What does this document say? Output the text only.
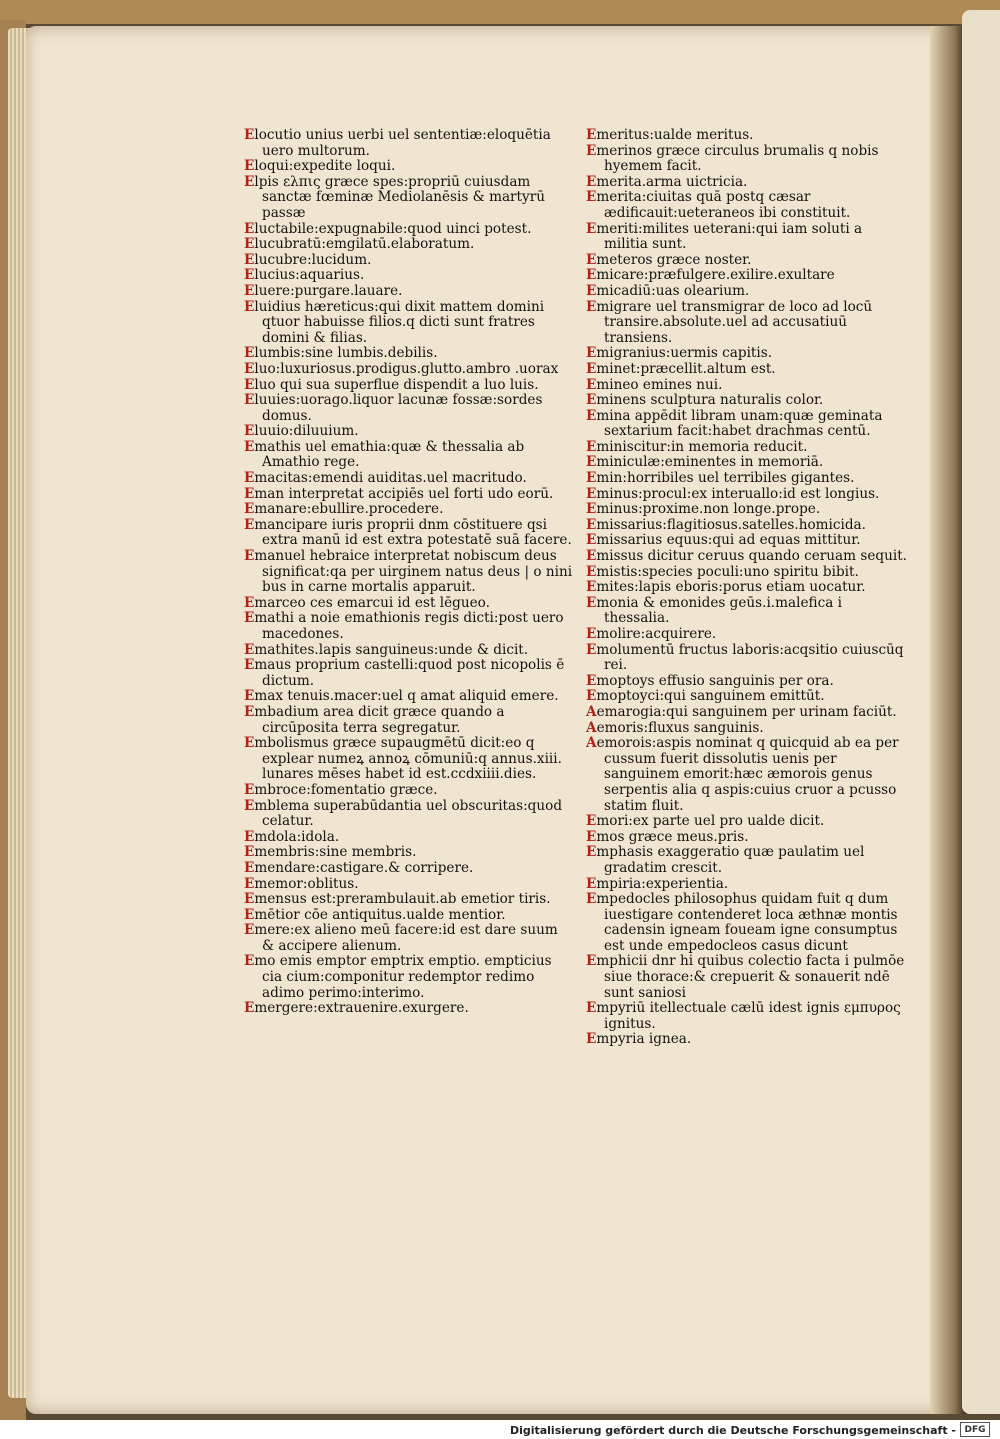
Elocutio unius uerbi uel sententiæ:eloquētia uero multorum.

Eloqui:expedite loqui.

Elpis ελπις græce spes:propriū cuiusdam sanctæ fœminæ Mediolanēsis & martyrū passæ

Eluctabile:expugnabile:quod uinci potest.

Elucubratū:emgilatū.elaboratum.

Elucubre:lucidum.

Elucius:aquarius.

Eluere:purgare.lauare.

Eluidius hæreticus:qui dixit mattem domini qtuor habuisse filios.q dicti sunt fratres domini & filias.

Elumbis:sine lumbis.debilis.

Eluo:luxuriosus.prodigus.glutto.ambro .uorax

Eluo qui sua superflue dispendit a luo luis.

Eluuies:uorago.liquor lacunæ fossæ:sordes domus.

Eluuio:diluuium.

Emathis uel emathia:quæ & thessalia ab Amathio rege.

Emacitas:emendi auiditas.uel macritudo.

Eman interpretat accipiēs uel forti udo eorū.

Emanare:ebullire.procedere.

Emancipare iuris proprii dnm cōstituere qsi extra manū id est extra potestatē suā facere.

Emanuel hebraice interpretat nobiscum deus significat:qa per uirginem natus deus | o nini bus in carne mortalis apparuit.

Emarceo ces emarcui id est lēgueo.

Emathi a noie emathionis regis dicti:post uero macedones.

Emathites.lapis sanguineus:unde & dicit.

Emaus proprium castelli:quod post nicopolis ē dictum.

Emax tenuis.macer:uel q amat aliquid emere.

Embadium area dicit græce quando a circūposita terra segregatur.

Embolismus græce supaugmētū dicit:eo q explear numeꝝ annoꝝ cōmuniū:q annus.xiii. lunares mēses habet id est.ccdxiiii.dies.

Embroce:fomentatio græce.

Emblema superabūdantia uel obscuritas:quod celatur.

Emdola:idola.

Emembris:sine membris.

Emendare:castigare.& corripere.

Ememor:oblitus.

Emensus est:prerambulauit.ab emetior tiris.

Emētior cōe antiquitus.ualde mentior.

Emere:ex alieno meū facere:id est dare suum & accipere alienum.

Emo emis emptor emptrix emptio. empticius cia cium:componitur redemptor redimo adimo perimo:interimo.

Emergere:extrauenire.exurgere.

Emeritus:ualde meritus.

Emerinos græce circulus brumalis q nobis hyemem facit.

Emerita.arma uictricia.

Emerita:ciuitas quā postq cæsar ædificauit:ueteraneos ibi constituit.

Emeriti:milites ueterani:qui iam soluti a militia sunt.

Emeteros græce noster.

Emicare:præfulgere.exilire.exultare

Emicadiū:uas olearium.

Emigrare uel transmigrar de loco ad locū transire.absolute.uel ad accusatiuū transiens.

Emigranius:uermis capitis.

Eminet:præcellit.altum est.

Emineo emines nui.

Eminens sculptura naturalis color.

Emina appēdit libram unam:quæ geminata sextarium facit:habet drachmas centū.

Eminiscitur:in memoria reducit.

Eminiculæ:eminentes in memoriā.

Emin:horribiles uel terribiles gigantes.

Eminus:procul:ex interuallo:id est longius.

Eminus:proxime.non longe.prope.

Emissarius:flagitiosus.satelles.homicida.

Emissarius equus:qui ad equas mittitur.

Emissus dicitur ceruus quando ceruam sequit.

Emistis:species poculi:uno spiritu bibit.

Emites:lapis eboris:porus etiam uocatur.

Emonia & emonides geūs.i.malefica i thessalia.

Emolire:acquirere.

Emolumentū fructus laboris:acqsitio cuiuscūq rei.

Emoptoys effusio sanguinis per ora.

Emoptoyci:qui sanguinem emittūt.

Aemarogia:qui sanguinem per urinam faciūt.

Aemoris:fluxus sanguinis.

Aemorois:aspis nominat q quicquid ab ea per cussum fuerit dissolutis uenis per sanguinem emorit:hæc æmorois genus serpentis alia q aspis:cuius cruor a pcusso statim fluit.

Emori:ex parte uel pro ualde dicit.

Emos græce meus.pris.

Emphasis exaggeratio quæ paulatim uel gradatim crescit.

Empiria:experientia.

Empedocles philosophus quidam fuit q dum iuestigare contenderet loca æthnæ montis cadensin igneam foueam igne consumptus est unde empedocleos casus dicunt

Emphicii dnr hi quibus colectio facta i pulmōe siue thorace:& crepuerit & sonauerit ndē sunt saniosi

Empyriū itellectuale cælū idest ignis εμπυρος ignitus.

Empyria ignea.

Digitalisierung gefördert durch die Deutsche Forschungsgemeinschaft - DFG
